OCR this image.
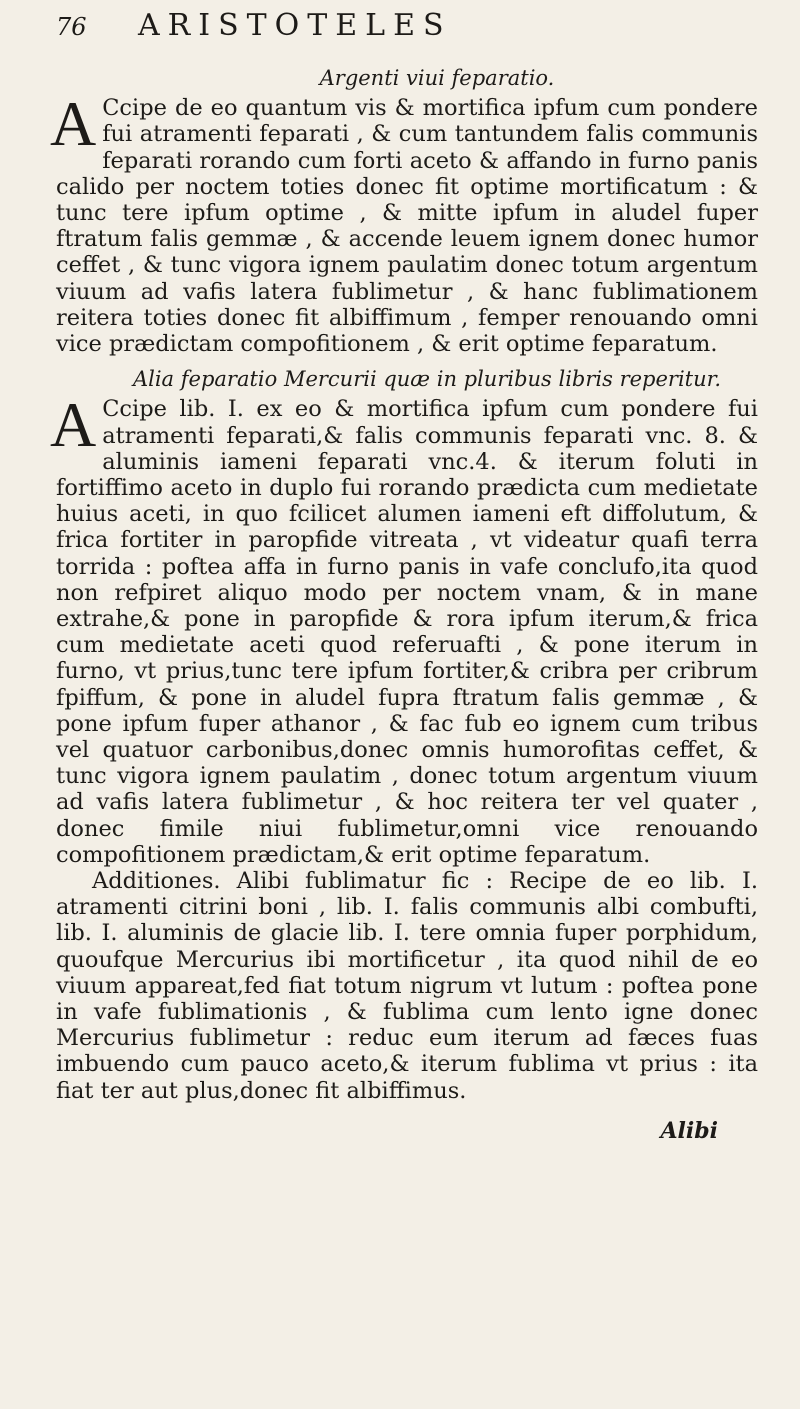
76	ARISTOTELES
Argenti viui feparatio.

A Ccipe de eo quantum vis & mortifica ipfum cum pondere fui atramenti feparati , & cum tantundem falis communis feparati rorando cum forti aceto & affando in furno panis calido per noctem toties donec fit optime mortificatum : & tunc tere ipfum optime , & mitte ipfum in aludel fuper ftratum falis gemmæ , & accende leuem ignem donec humor ceffet , & tunc vigora ignem paulatim donec totum argentum viuum ad vafis latera fublimetur , & hanc fublimationem reitera toties donec fit albiffimum , femper renouando omni vice prædictam compofitionem , & erit optime feparatum.

Alia feparatio Mercurii quæ in pluribus libris reperitur.

A Ccipe lib. I. ex eo & mortifica ipfum cum pondere fui atramenti feparati,& falis communis feparati vnc. 8. & aluminis iameni feparati vnc.4. & iterum foluti in fortiffimo aceto in duplo fui rorando prædicta cum medietate huius aceti, in quo fcilicet alumen iameni eft diffolutum, & frica fortiter in paropfide vitreata , vt videatur quafi terra torrida : poftea affa in furno panis in vafe conclufo,ita quod non refpiret aliquo modo per noctem vnam, & in mane extrahe,& pone in paropfide & rora ipfum iterum,& frica cum medietate aceti quod referuafti , & pone iterum in furno, vt prius,tunc tere ipfum fortiter,& cribra per cribrum fpiffum, & pone in aludel fupra ftratum falis gemmæ , & pone ipfum fuper athanor , & fac fub eo ignem cum tribus vel quatuor carbonibus,donec omnis humorofitas ceffet, & tunc vigora ignem paulatim , donec totum argentum viuum ad vafis latera fublimetur , & hoc reitera ter vel quater , donec fimile niui fublimetur,omni vice renouando compofitionem prædictam,& erit optime feparatum.

Additiones. Alibi fublimatur fic : Recipe de eo lib. I. atramenti citrini boni , lib. I. falis communis albi combufti, lib. I. aluminis de glacie lib. I. tere omnia fuper porphidum, quoufque Mercurius ibi mortificetur , ita quod nihil de eo viuum appareat,fed fiat totum nigrum vt lutum : poftea pone in vafe fublimationis , & fublima cum lento igne donec Mercurius fublimetur : reduc eum iterum ad fæces fuas imbuendo cum pauco aceto,& iterum fublima vt prius : ita fiat ter aut plus,donec fit albiffimus.

Alibi
